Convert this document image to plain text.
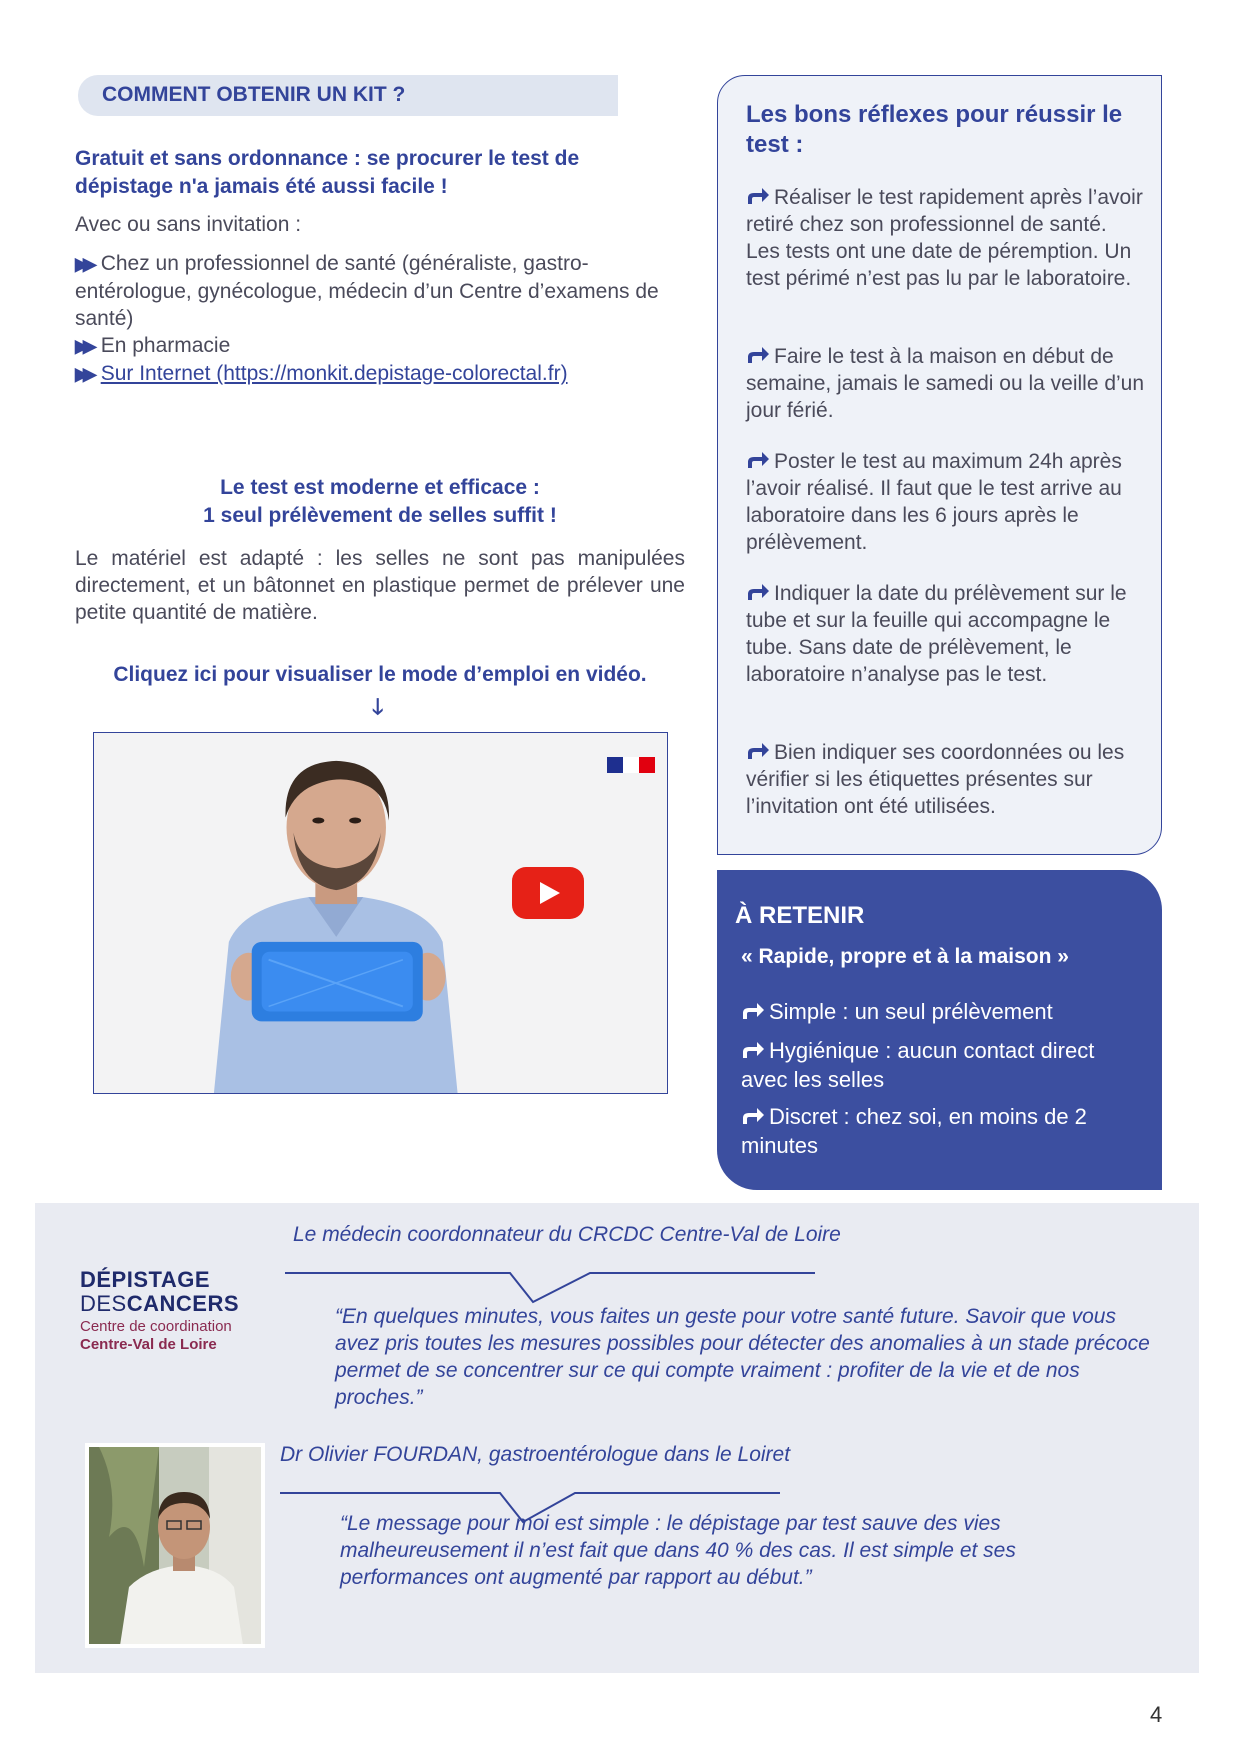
COMMENT OBTENIR UN KIT ?

Gratuit et sans ordonnance : se procurer le test de dépistage n'a jamais été aussi facile !

Avec ou sans invitation :

▶▶ Chez un professionnel de santé (généraliste, gastro-entérologue, gynécologue, médecin d’un Centre d’examens de santé)
▶▶ En pharmacie
▶▶ Sur Internet (https://monkit.depistage-colorectal.fr)
Le test est moderne et efficace :
1 seul prélèvement de selles suffit !

Le matériel est adapté : les selles ne sont pas manipulées directement, et un bâtonnet en plastique permet de prélever une petite quantité de matière.

Cliquez ici pour visualiser le mode d’emploi en vidéo.

🡓
Les bons réflexes pour réussir le test :
Réaliser le test rapidement après l’avoir retiré chez son professionnel de santé. Les tests ont une date de péremption. Un test périmé n’est pas lu par le laboratoire.
Faire le test à la maison en début de semaine, jamais le samedi ou la veille d’un jour férié.
Poster le test au maximum 24h après l’avoir réalisé. Il faut que le test arrive au laboratoire dans les 6 jours après le prélèvement.
Indiquer la date du prélèvement sur le tube et sur la feuille qui accompagne le tube. Sans date de prélèvement, le laboratoire n’analyse pas le test.
Bien indiquer ses coordonnées ou les vérifier si les étiquettes présentes sur l’invitation ont été utilisées.
À RETENIR
« Rapide, propre et à la maison »
Simple : un seul prélèvement
Hygiénique : aucun contact direct avec les selles
Discret : chez soi, en moins de 2 minutes
DÉPISTAGE
DESCANCERS
Centre de coordination
Centre-Val de Loire
Le médecin coordonnateur du CRCDC Centre-Val de Loire

“En quelques minutes, vous faites un geste pour votre santé future. Savoir que vous avez pris toutes les mesures possibles pour détecter des anomalies à un stade précoce permet de se concentrer sur ce qui compte vraiment : profiter de la vie et de nos proches.”

Dr Olivier FOURDAN, gastroentérologue dans le Loiret

“Le message pour moi est simple : le dépistage par test sauve des vies malheureusement il n’est fait que dans 40 % des cas. Il est simple et ses performances ont augmenté par rapport au début.”

4
